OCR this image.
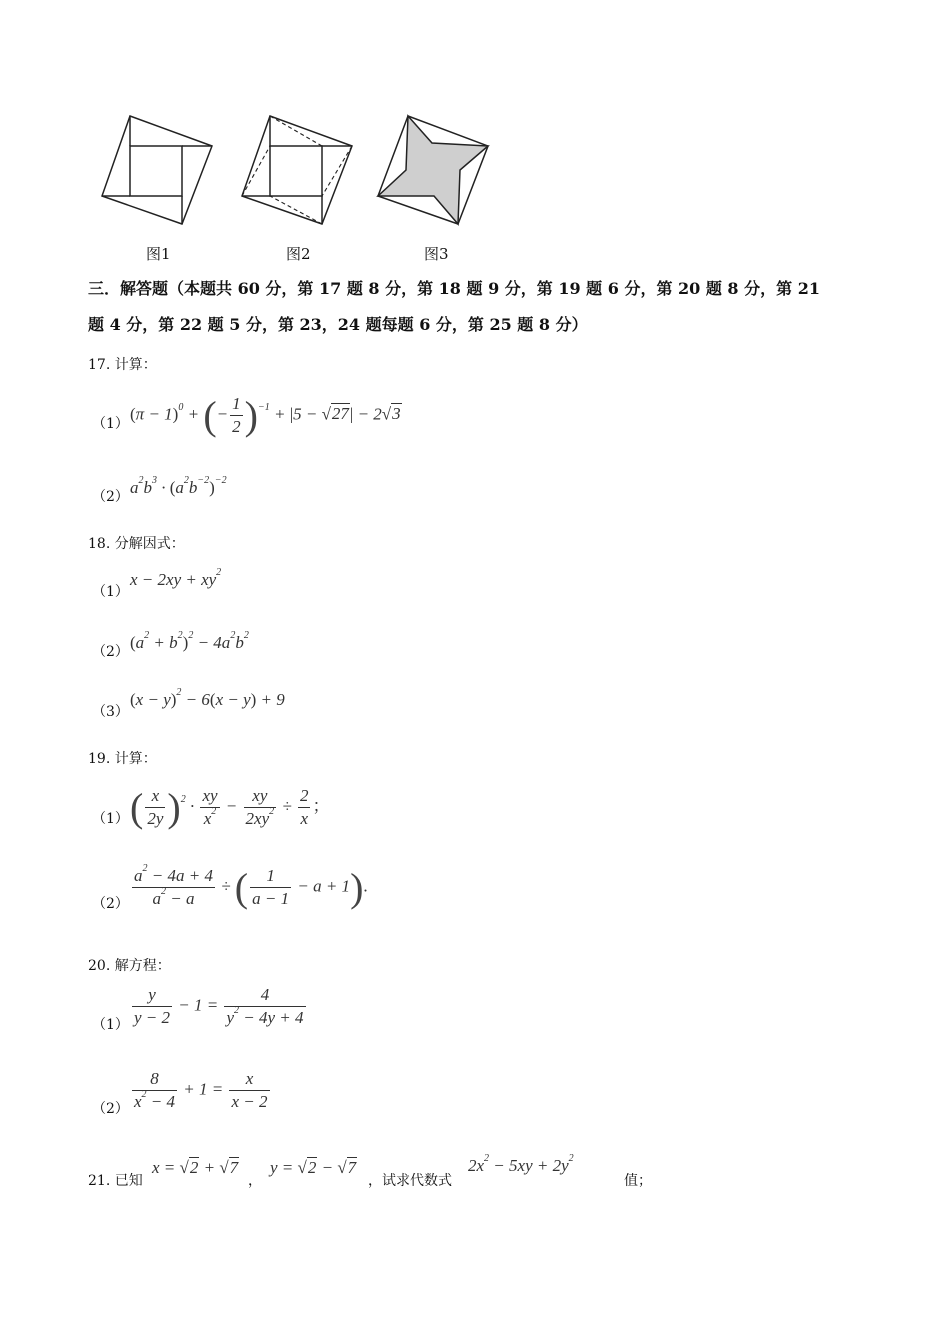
图1	图2	图3
三．解答题（本题共 60 分，第 17 题 8 分，第 18 题 9 分，第 19 题 6 分，第 20 题 8 分，第 21
题 4 分，第 22 题 5 分，第 23，24 题每题 6 分，第 25 题 8 分）
17. 计算：
（1）
$(\pi - 1)^0$ + (− $\frac{1}{2} )^{-1} + |5 - √27| - 2√3$
（2） $a^2b^3 \cdot (a^2b^{-2})^{-2}$
18. 分解因式：
（1）
$x - 2xy + xy^2$
（2） $(a^2 + b^2)^2 - 4a^2b^2$
（3）
$(x - y)^2 - 6(x - y) + 9$
19. 计算：
（1） ( $\frac{x}{2y} )^2 \cdot \frac{xy}{x^2} - \frac{xy}{2xy^2} \div \frac{2}{x}$ ；
$(2) \frac{a^2 - 4a + 4}{a^2 - a}$ ÷ ( $\frac{1}{a - 1} - a + 1$).
20. 解方程：
$(1) \frac{y}{y - 2} - 1 = \frac{4}{y^2 - 4y + 4}$
$(2) \frac{8}{x^2 - 4} + 1 = \frac{x}{x - 2}$
21. 已知
x = √2 + √7
，
y = √2 − √7
，试求代数式
$2x^2 - 5xy + 2y^2$
值；
